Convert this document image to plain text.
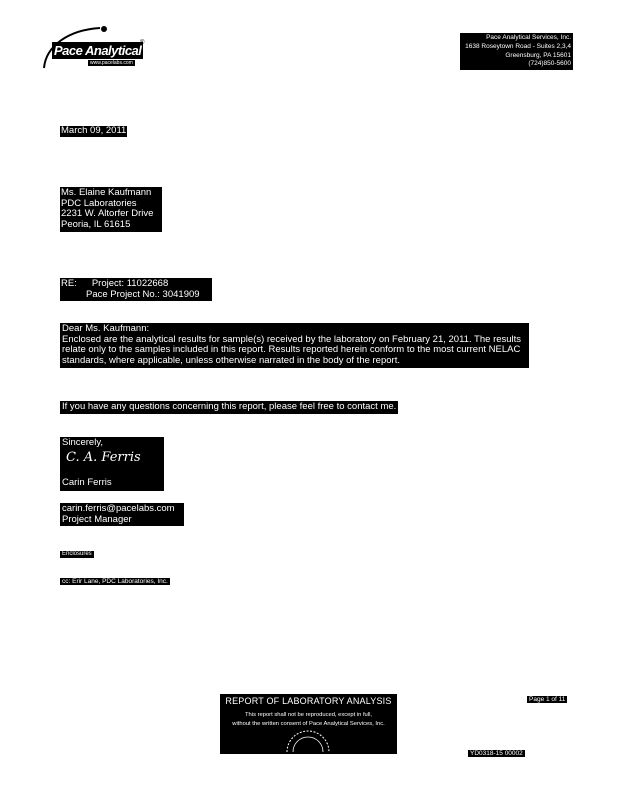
Pace Analytical
www.pacelabs.com
®
Pace Analytical Services, Inc.
1638 Roseytown Road - Suites 2,3,4
Greensburg, PA 15601
(724)850-5600
March 09, 2011
Ms. Elaine Kaufmann
PDC Laboratories
2231 W. Altorfer Drive
Peoria, IL 61615
RE: Project: 11022668
Pace Project No.: 3041909
Dear Ms. Kaufmann:
Enclosed are the analytical results for sample(s) received by the laboratory on February 21, 2011. The results relate only to the samples included in this report. Results reported herein conform to the most current NELAC standards, where applicable, unless otherwise narrated in the body of the report.
If you have any questions concerning this report, please feel free to contact me.
Sincerely,
C. A. Ferris
Carin Ferris
carin.ferris@pacelabs.com
Project Manager
Enclosures
cc: Erir Lane, PDC Laboratories, Inc.
REPORT OF LABORATORY ANALYSIS
This report shall not be reproduced, except in full,
without the written consent of Pace Analytical Services, Inc.
Page 1 of 11
YD0318-15 00002
